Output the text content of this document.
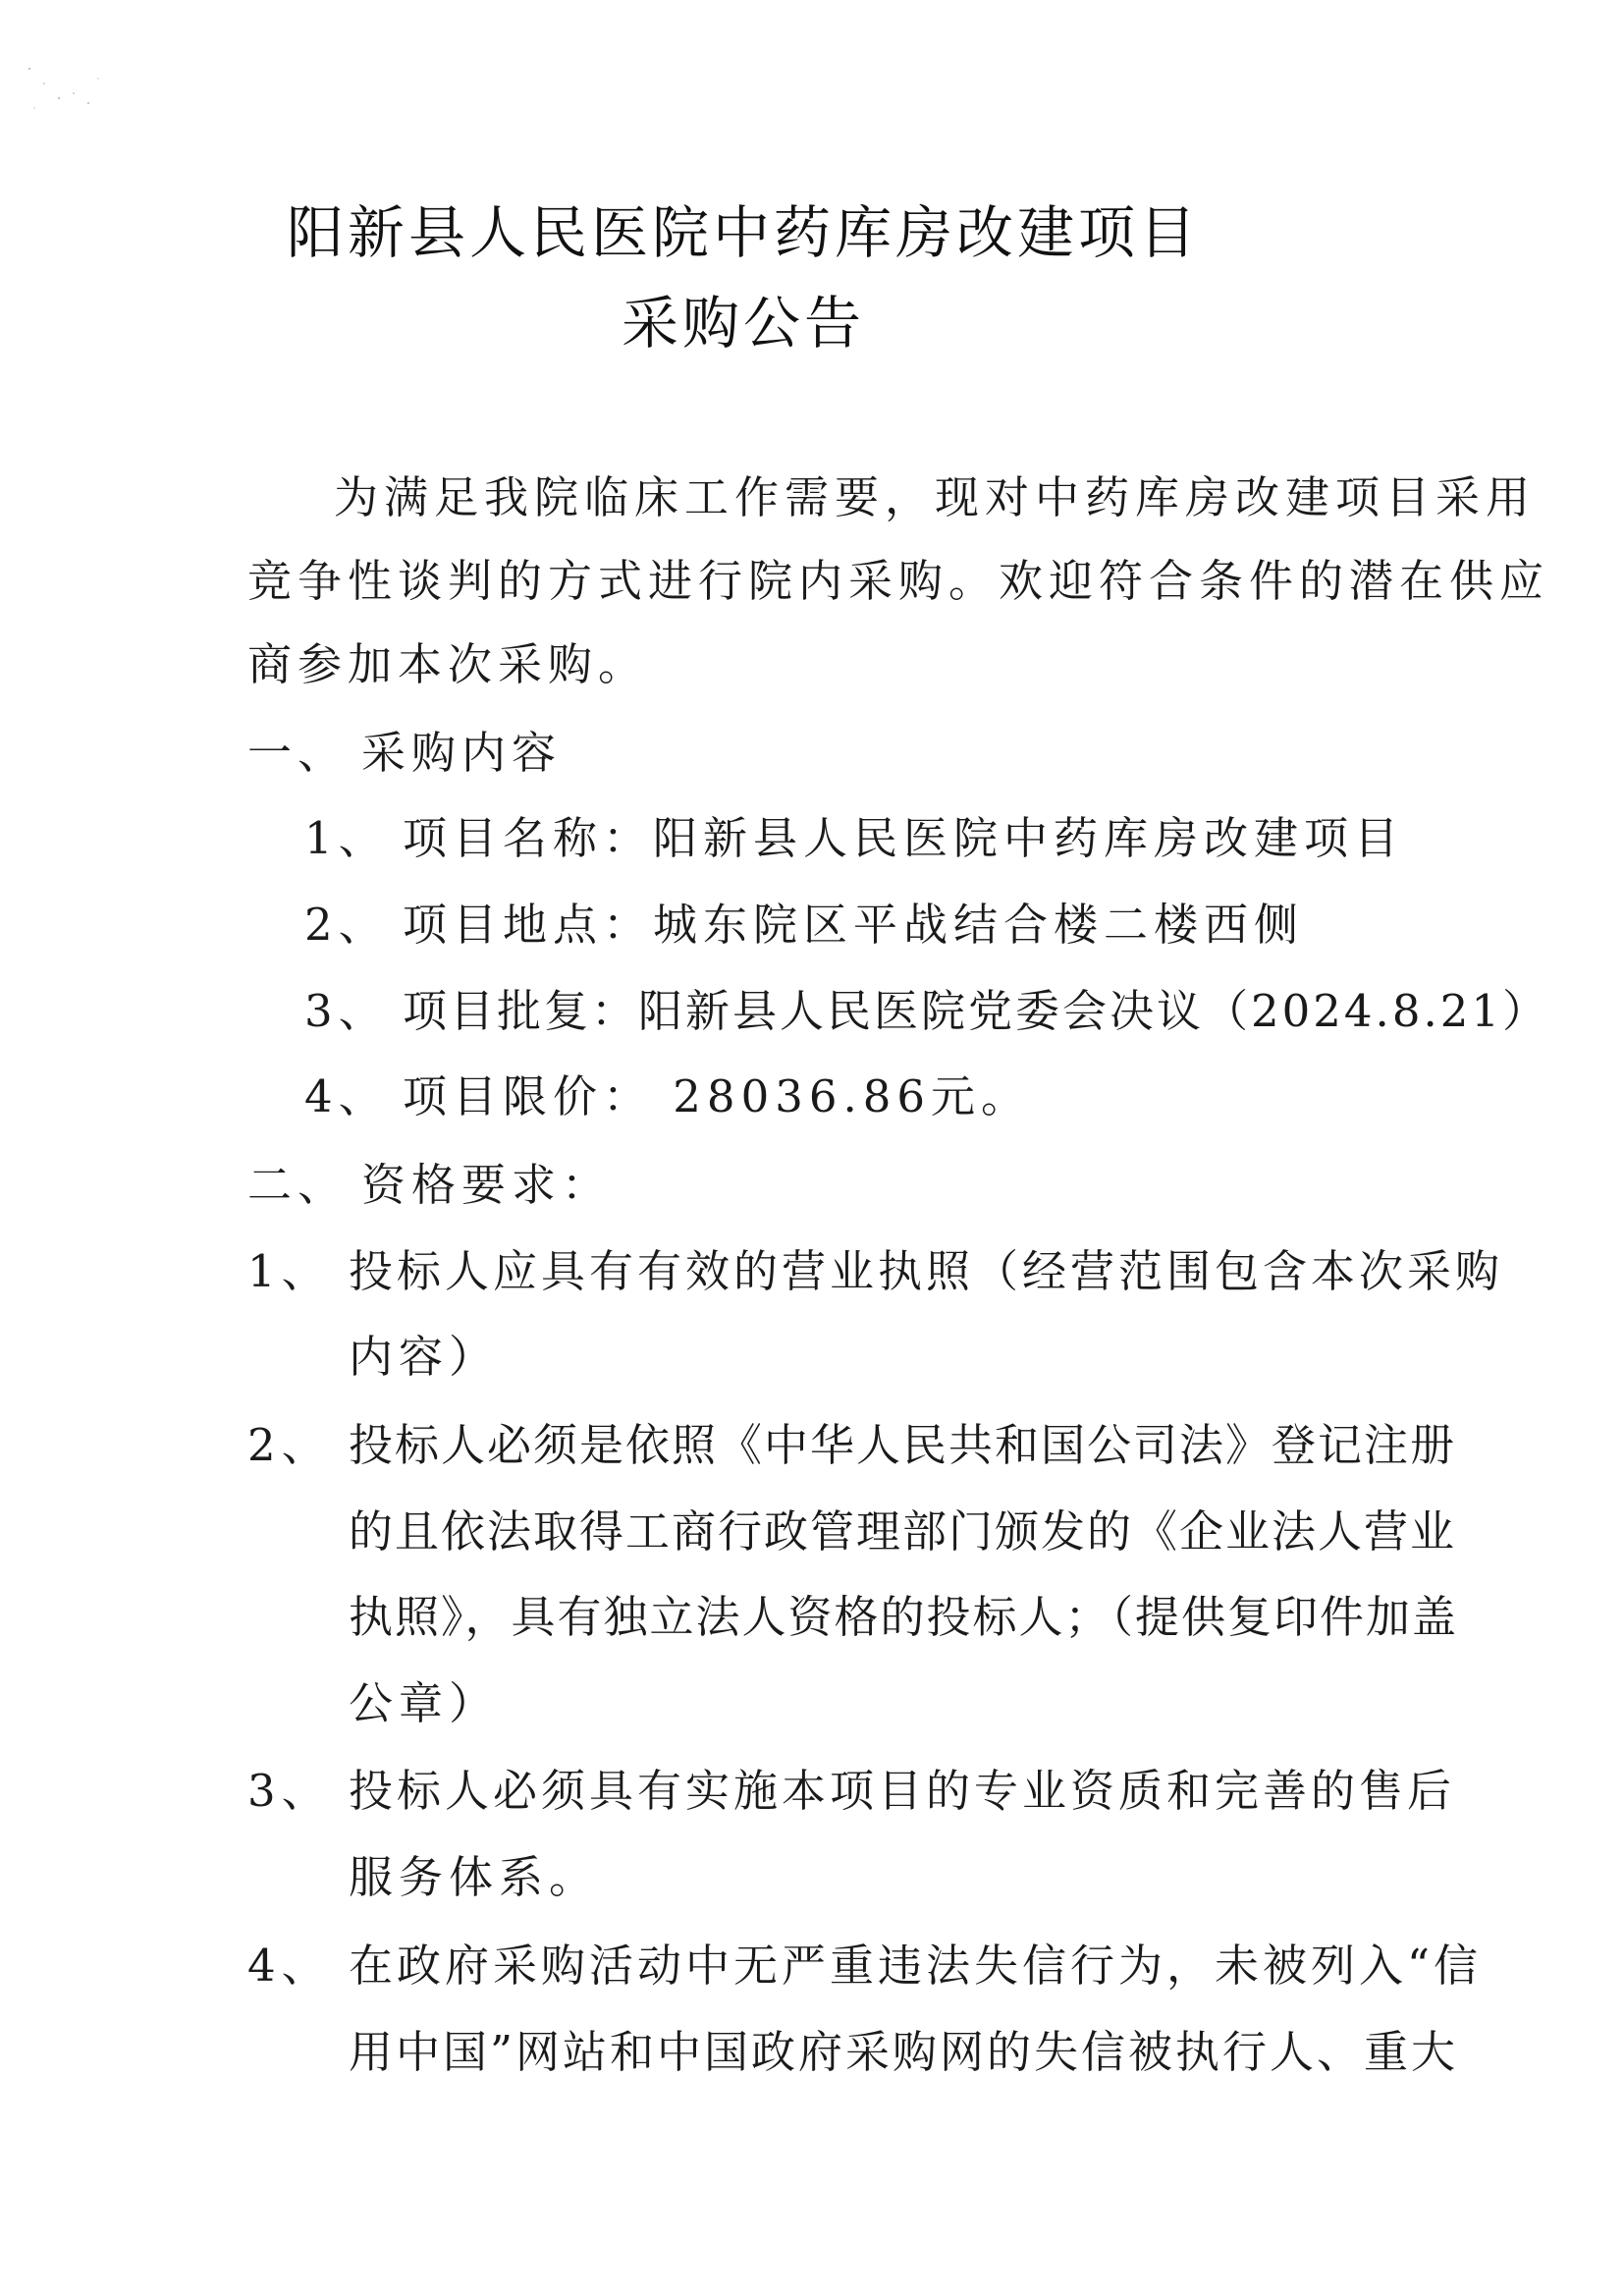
阳新县人民医院中药库房改建项目
采购公告
为满足我院临床工作需要，现对中药库房改建项目采用
竞争性谈判的方式进行院内采购。欢迎符合条件的潜在供应
商参加本次采购。
一、 采购内容
1、 项目名称：阳新县人民医院中药库房改建项目
2、 项目地点：城东院区平战结合楼二楼西侧
3、 项目批复：阳新县人民医院党委会决议（2024.8.21）
4、 项目限价： 28036.86元。
二、 资格要求：
1、 投标人应具有有效的营业执照（经营范围包含本次采购
内容）
2、 投标人必须是依照《中华人民共和国公司法》登记注册
的且依法取得工商行政管理部门颁发的《企业法人营业
执照》，具有独立法人资格的投标人；（提供复印件加盖
公章）
3、 投标人必须具有实施本项目的专业资质和完善的售后
服务体系。
4、 在政府采购活动中无严重违法失信行为，未被列入“信
用中国”网站和中国政府采购网的失信被执行人、重大
